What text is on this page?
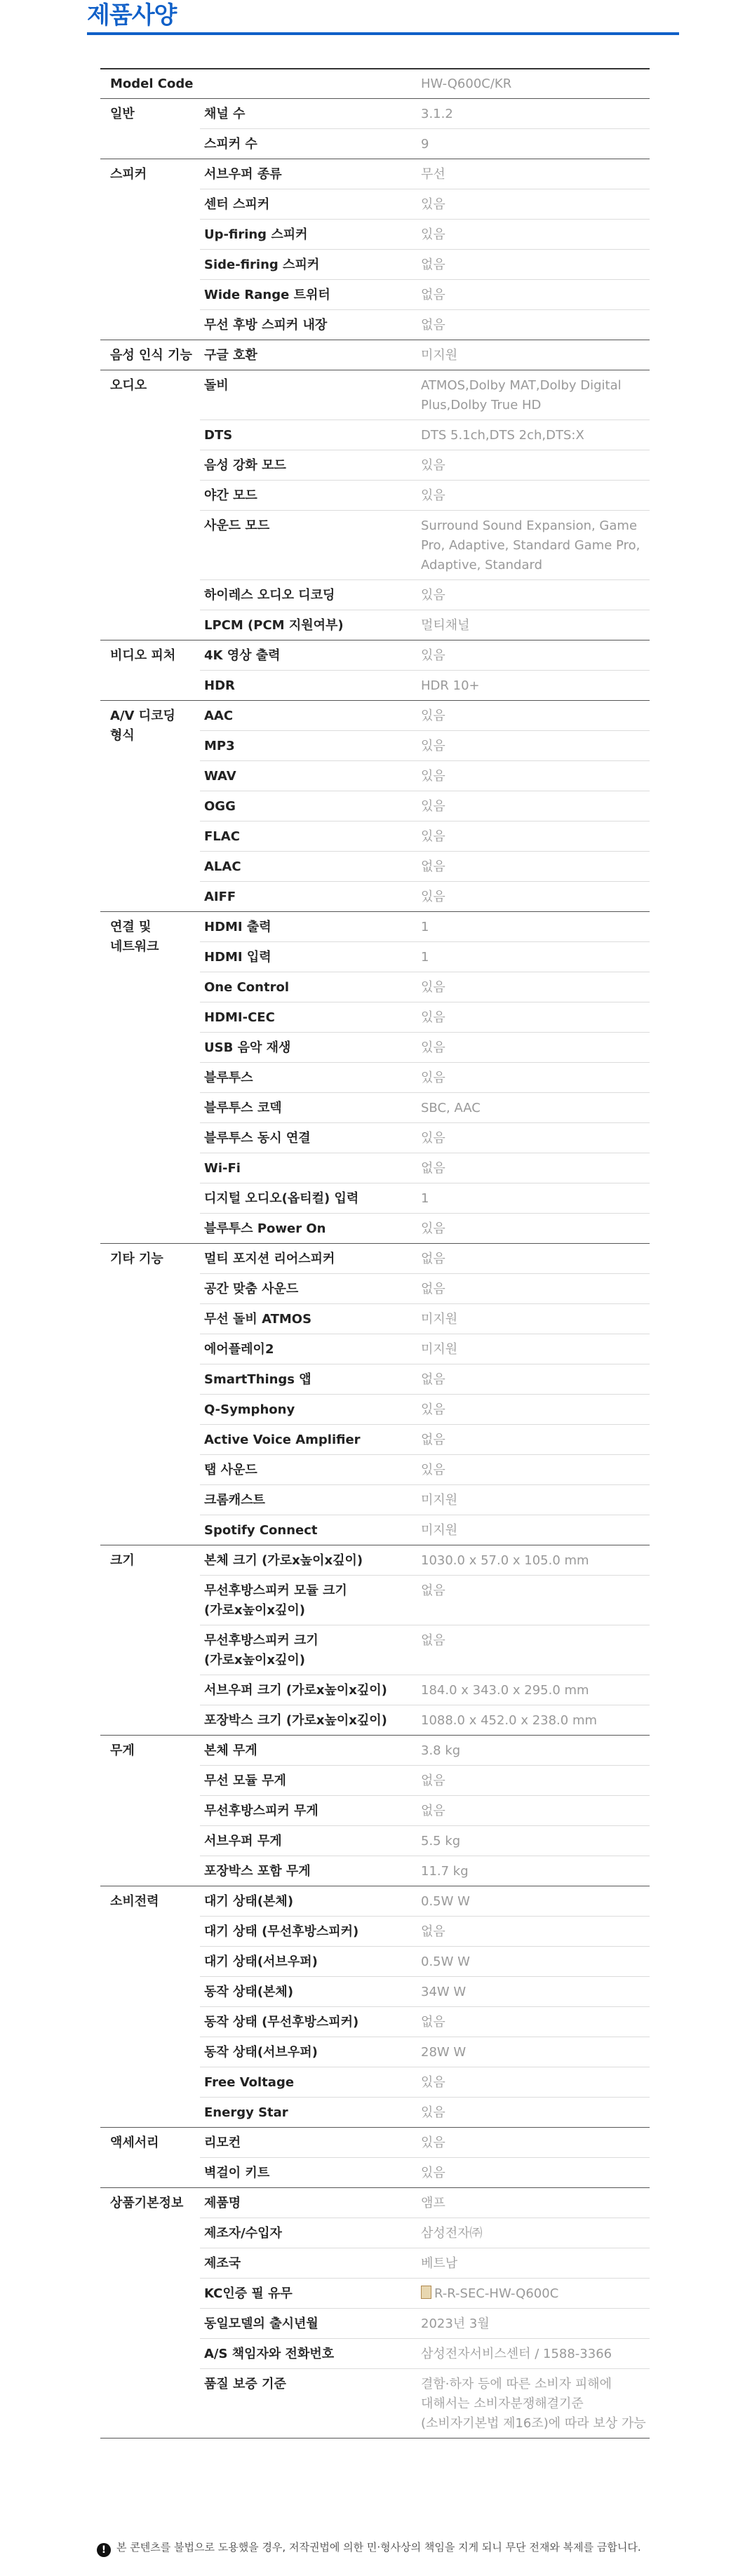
제품사양
Model Code		HW-Q600C/KR
일반	채널 수	3.1.2
	스피커 수	9
스피커	서브우퍼 종류	무선
	센터 스피커	있음
	Up-firing 스피커	있음
	Side-firing 스피커	없음
	Wide Range 트위터	없음
	무선 후방 스피커 내장	없음
음성 인식 기능	구글 호환	미지원
오디오	돌비	ATMOS,Dolby MAT,Dolby Digital Plus,Dolby True HD
	DTS	DTS 5.1ch,DTS 2ch,DTS:X
	음성 강화 모드	있음
	야간 모드	있음
	사운드 모드	Surround Sound Expansion, Game Pro, Adaptive, Standard Game Pro, Adaptive, Standard
	하이레스 오디오 디코딩	있음
	LPCM (PCM 지원여부)	멀티채널
비디오 피처	4K 영상 출력	있음
	HDR	HDR 10+
A/V 디코딩 형식	AAC	있음
	MP3	있음
	WAV	있음
	OGG	있음
	FLAC	있음
	ALAC	없음
	AIFF	있음
연결 및 네트워크	HDMI 출력	1
	HDMI 입력	1
	One Control	있음
	HDMI-CEC	있음
	USB 음악 재생	있음
	블루투스	있음
	블루투스 코덱	SBC, AAC
	블루투스 동시 연결	있음
	Wi-Fi	없음
	디지털 오디오(옵티컬) 입력	1
	블루투스 Power On	있음
기타 기능	멀티 포지션 리어스피커	없음
	공간 맞춤 사운드	없음
	무선 돌비 ATMOS	미지원
	에어플레이2	미지원
	SmartThings 앱	없음
	Q-Symphony	있음
	Active Voice Amplifier	없음
	탭 사운드	있음
	크롬캐스트	미지원
	Spotify Connect	미지원
크기	본체 크기 (가로x높이x깊이)	1030.0 x 57.0 x 105.0 mm
	무선후방스피커 모듈 크기 (가로x높이x깊이)	없음
	무선후방스피커 크기 (가로x높이x깊이)	없음
	서브우퍼 크기 (가로x높이x깊이)	184.0 x 343.0 x 295.0 mm
	포장박스 크기 (가로x높이x깊이)	1088.0 x 452.0 x 238.0 mm
무게	본체 무게	3.8 kg
	무선 모듈 무게	없음
	무선후방스피커 무게	없음
	서브우퍼 무게	5.5 kg
	포장박스 포함 무게	11.7 kg
소비전력	대기 상태(본체)	0.5W W
	대기 상태 (무선후방스피커)	없음
	대기 상태(서브우퍼)	0.5W W
	동작 상태(본체)	34W W
	동작 상태 (무선후방스피커)	없음
	동작 상태(서브우퍼)	28W W
	Free Voltage	있음
	Energy Star	있음
액세서리	리모컨	있음
	벽걸이 키트	있음
상품기본정보	제품명	앰프
	제조자/수입자	삼성전자㈜
	제조국	베트남
	KC인증 필 유무	R-R-SEC-HW-Q600C
	동일모델의 출시년월	2023년 3월
	A/S 책임자와 전화번호	삼성전자서비스센터 / 1588-3366
	품질 보증 기준	결함·하자 등에 따른 소비자 피해에 대해서는 소비자분쟁해결기준(소비자기본법 제16조)에 따라 보상 가능
! 본 콘텐츠를 불법으로 도용했을 경우, 저작권법에 의한 민·형사상의 책임을 지게 되니 무단 전재와 복제를 금합니다.
